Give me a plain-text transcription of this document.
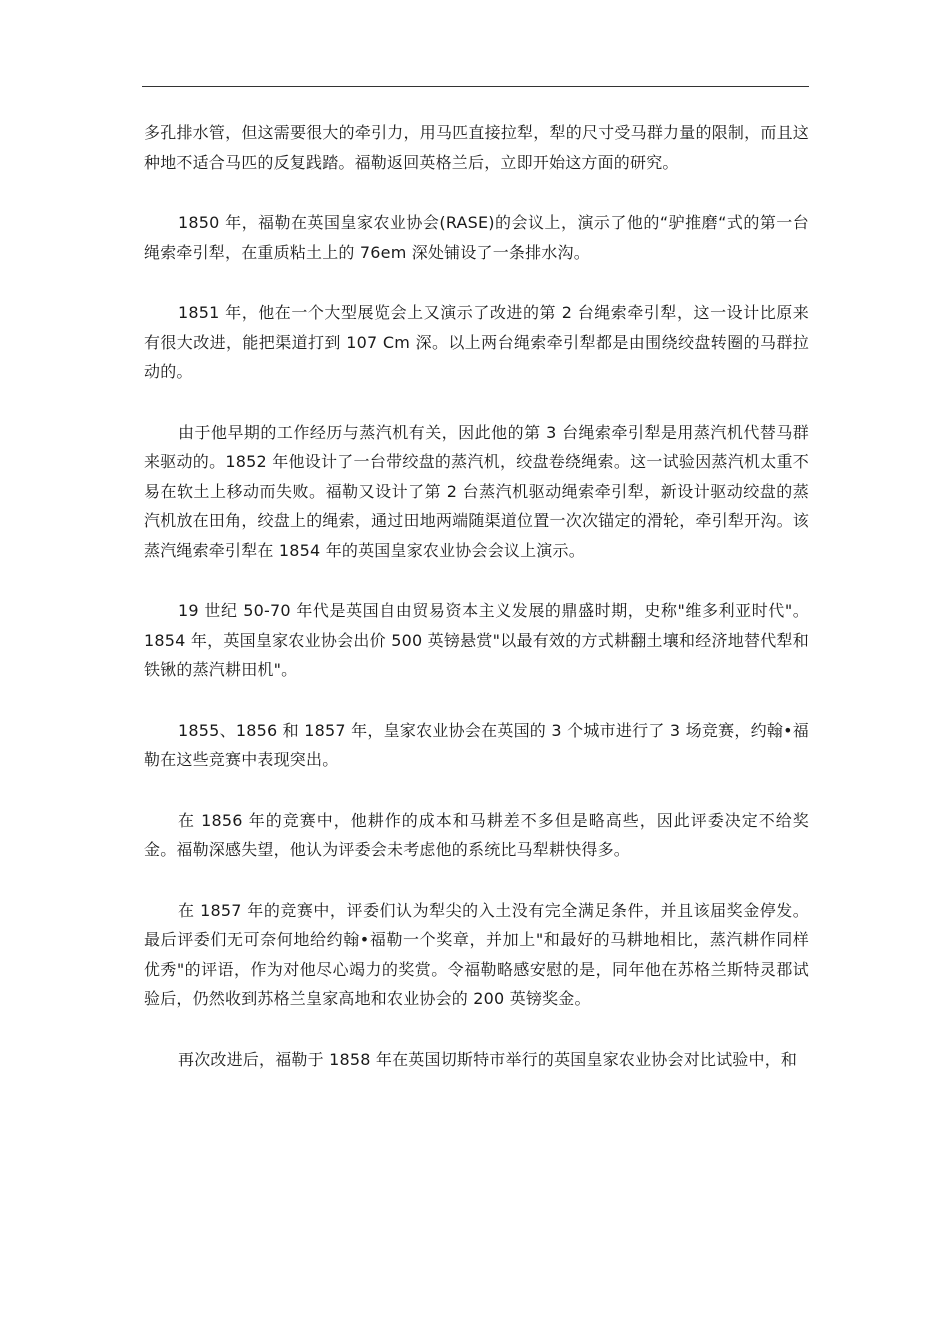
多孔排水管，但这需要很大的牵引力，用马匹直接拉犁，犁的尺寸受马群力量的限制，而且这种地不适合马匹的反复践踏。福勒返回英格兰后，立即开始这方面的研究。

1850 年，福勒在英国皇家农业协会(RASE)的会议上，演示了他的“驴推磨“式的第一台绳索牵引犁，在重质粘土上的 76em 深处铺设了一条排水沟。

1851 年，他在一个大型展览会上又演示了改进的第 2 台绳索牵引犁，这一设计比原来有很大改进，能把渠道打到 107 Cm 深。以上两台绳索牵引犁都是由围绕绞盘转圈的马群拉动的。

由于他早期的工作经历与蒸汽机有关，因此他的第 3 台绳索牵引犁是用蒸汽机代替马群来驱动的。1852 年他设计了一台带绞盘的蒸汽机，绞盘卷绕绳索。这一试验因蒸汽机太重不易在软土上移动而失败。福勒又设计了第 2 台蒸汽机驱动绳索牵引犁，新设计驱动绞盘的蒸汽机放在田角，绞盘上的绳索，通过田地两端随渠道位置一次次锚定的滑轮，牵引犁开沟。该蒸汽绳索牵引犁在 1854 年的英国皇家农业协会会议上演示。

19 世纪 50-70 年代是英国自由贸易资本主义发展的鼎盛时期，史称"维多利亚时代"。1854 年，英国皇家农业协会出价 500 英镑悬赏"以最有效的方式耕翻土壤和经济地替代犁和铁锹的蒸汽耕田机"。

1855、1856 和 1857 年，皇家农业协会在英国的 3 个城市进行了 3 场竞赛，约翰•福勒在这些竞赛中表现突出。

在 1856 年的竞赛中，他耕作的成本和马耕差不多但是略高些，因此评委决定不给奖金。福勒深感失望，他认为评委会未考虑他的系统比马犁耕快得多。

在 1857 年的竞赛中，评委们认为犁尖的入土没有完全满足条件，并且该届奖金停发。最后评委们无可奈何地给约翰•福勒一个奖章，并加上"和最好的马耕地相比，蒸汽耕作同样优秀"的评语，作为对他尽心竭力的奖赏。令福勒略感安慰的是，同年他在苏格兰斯特灵郡试验后，仍然收到苏格兰皇家高地和农业协会的 200 英镑奖金。

再次改进后，福勒于 1858 年在英国切斯特市举行的英国皇家农业协会对比试验中，和
